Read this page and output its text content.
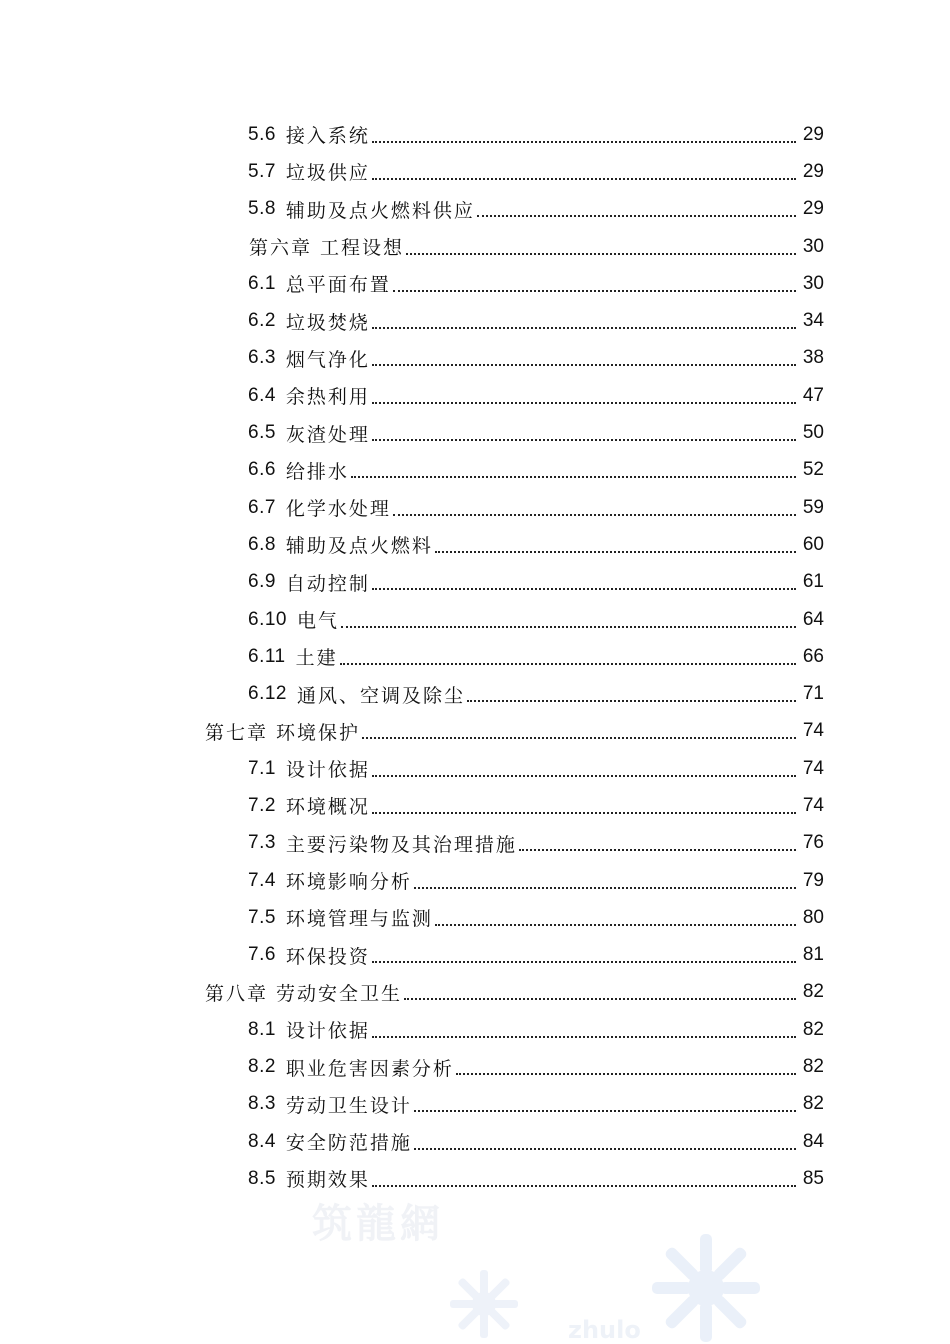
5.6 接入系统	29
5.7 垃圾供应	29
5.8 辅助及点火燃料供应	29
第六章 工程设想	30
6.1 总平面布置	30
6.2 垃圾焚烧	34
6.3 烟气净化	38
6.4 余热利用	47
6.5 灰渣处理	50
6.6 给排水	52
6.7 化学水处理	59
6.8 辅助及点火燃料	60
6.9 自动控制	61
6.10 电气	64
6.11 土建	66
6.12 通风、空调及除尘	71
第七章 环境保护	74
7.1 设计依据	74
7.2 环境概况	74
7.3 主要污染物及其治理措施	76
7.4 环境影响分析	79
7.5 环境管理与监测	80
7.6 环保投资	81
第八章 劳动安全卫生	82
8.1 设计依据	82
8.2 职业危害因素分析	82
8.3 劳动卫生设计	82
8.4 安全防范措施	84
8.5 预期效果	85
筑龍網
zhulo
